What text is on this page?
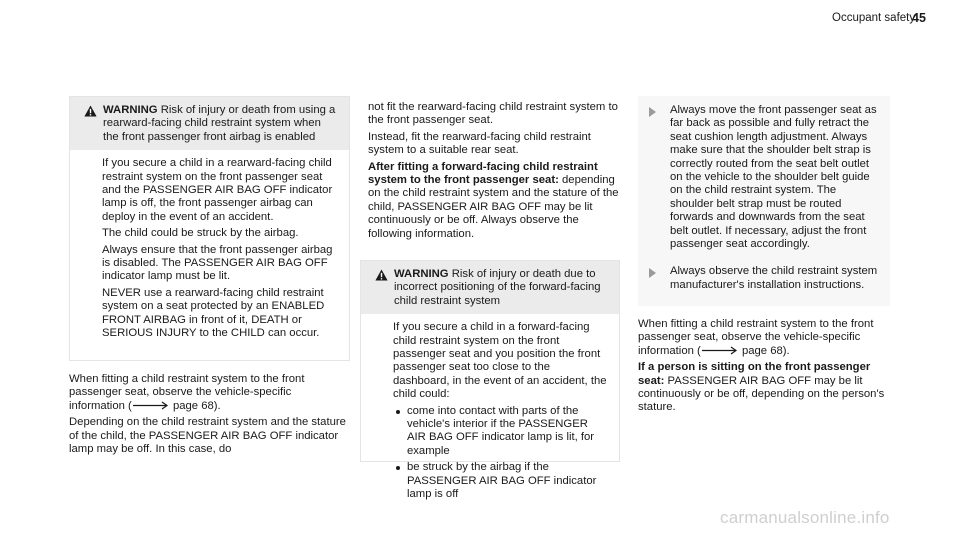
Occupant safety
45
WARNING Risk of injury or death from using a rearward-facing child restraint system when the front passenger front airbag is enabled

If you secure a child in a rearward-facing child restraint system on the front passenger seat and the PASSENGER AIR BAG OFF indicator lamp is off, the front passenger airbag can deploy in the event of an accident.

The child could be struck by the airbag.

Always ensure that the front passenger airbag is disabled. The PASSENGER AIR BAG OFF indicator lamp must be lit.

NEVER use a rearward-facing child restraint system on a seat protected by an ENABLED FRONT AIRBAG in front of it, DEATH or SERIOUS INJURY to the CHILD can occur.

When fitting a child restraint system to the front passenger seat, observe the vehicle-specific information (	page 68).

Depending on the child restraint system and the stature of the child, the PASSENGER AIR BAG OFF indicator lamp may be off. In this case, do

not fit the rearward-facing child restraint system to the front passenger seat.

Instead, fit the rearward-facing child restraint system to a suitable rear seat.

After fitting a forward-facing child restraint system to the front passenger seat: depending on the child restraint system and the stature of the child, PASSENGER AIR BAG OFF may be lit continuously or be off. Always observe the following information.

WARNING Risk of injury or death due to incorrect positioning of the forward-facing child restraint system

If you secure a child in a forward-facing child restraint system on the front passenger seat and you position the front passenger seat too close to the dashboard, in the event of an accident, the child could:

come into contact with parts of the vehicle's interior if the PASSENGER AIR BAG OFF indicator lamp is lit, for example
be struck by the airbag if the PASSENGER AIR BAG OFF indicator lamp is off
Always move the front passenger seat as far back as possible and fully retract the seat cushion length adjustment. Always make sure that the shoulder belt strap is correctly routed from the seat belt outlet on the vehicle to the shoulder belt guide on the child restraint system. The shoulder belt strap must be routed forwards and downwards from the seat belt outlet. If necessary, adjust the front passenger seat accordingly.
Always observe the child restraint system manufacturer's installation instructions.

When fitting a child restraint system to the front passenger seat, observe the vehicle-specific information (	page 68).

If a person is sitting on the front passenger seat: PASSENGER AIR BAG OFF may be lit continuously or be off, depending on the person's stature.

carmanualsonline.info
